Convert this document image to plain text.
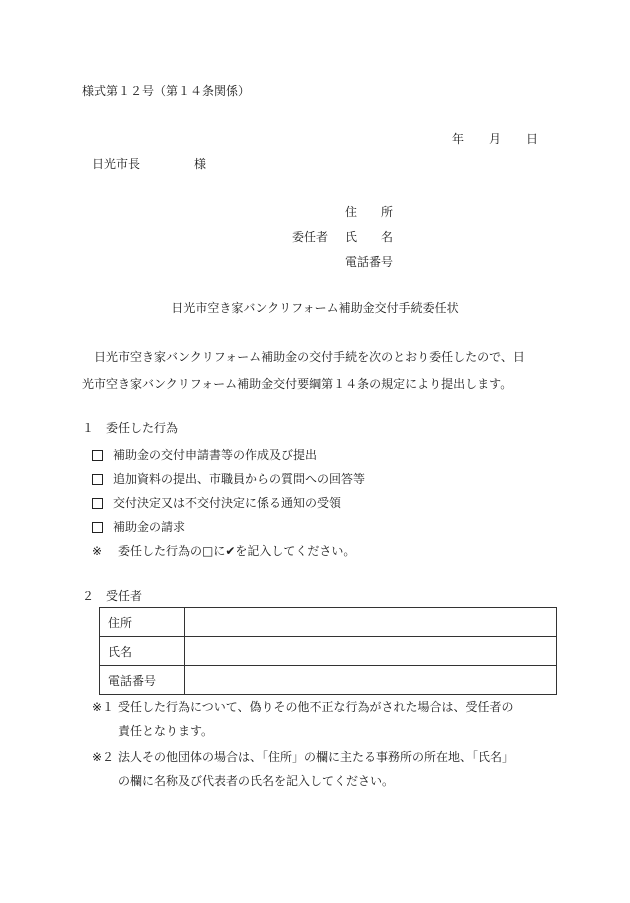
様式第１２号（第１４条関係）
年 月 日
日光市長	様
住　　所
委任者 氏　　名
電話番号
日光市空き家バンクリフォーム補助金交付手続委任状

日光市空き家バンクリフォーム補助金の交付手続を次のとおり委任したので、日

光市空き家バンクリフォーム補助金交付要綱第１４条の規定により提出します。
１　委任した行為
補助金の交付申請書等の作成及び提出
追加資料の提出、市職員からの質問への回答等
交付決定又は不交付決定に係る通知の受領
補助金の請求
※	委任した行為の□に✔を記入してください。
２　受任者
住所	
氏名	
電話番号	
※１ 受任した行為について、偽りその他不正な行為がされた場合は、受任者の
責任となります。
※２ 法人その他団体の場合は、「住所」の欄に主たる事務所の所在地、「氏名」
の欄に名称及び代表者の氏名を記入してください。
